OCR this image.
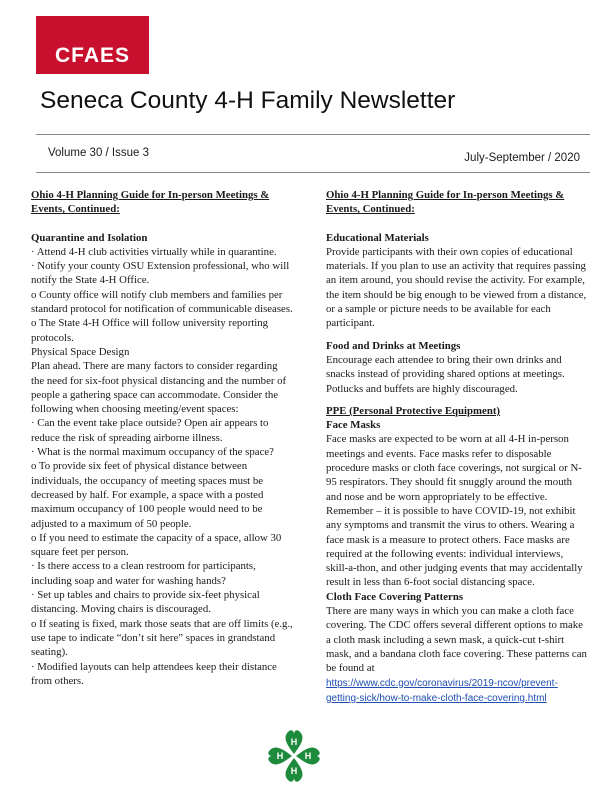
CFAES
Seneca County 4-H Family Newsletter
Volume 30 / Issue 3	July-September / 2020

Ohio 4-H Planning Guide for In-person Meetings & Events, Continued:

Quarantine and Isolation

· Attend 4-H club activities virtually while in quarantine.

· Notify your county OSU Extension professional, who will notify the State 4-H Office.

o County office will notify club members and families per standard protocol for notification of communicable diseases.

o The State 4-H Office will follow university reporting protocols.

Physical Space Design

Plan ahead. There are many factors to consider regarding the need for six-foot physical distancing and the number of people a gathering space can accommodate. Consider the following when choosing meeting/event spaces:

· Can the event take place outside? Open air appears to reduce the risk of spreading airborne illness.

· What is the normal maximum occupancy of the space?

o To provide six feet of physical distance between individuals, the occupancy of meeting spaces must be decreased by half. For example, a space with a posted maximum occupancy of 100 people would need to be adjusted to a maximum of 50 people.

o If you need to estimate the capacity of a space, allow 30 square feet per person.

· Is there access to a clean restroom for participants, including soap and water for washing hands?

· Set up tables and chairs to provide six-feet physical distancing. Moving chairs is discouraged.

o If seating is fixed, mark those seats that are off limits (e.g., use tape to indicate “don’t sit here” spaces in grandstand seating).

· Modified layouts can help attendees keep their distance from others.

Ohio 4-H Planning Guide for In-person Meetings & Events, Continued:

Educational Materials

Provide participants with their own copies of educational materials. If you plan to use an activity that requires passing an item around, you should revise the activity. For example, the item should be big enough to be viewed from a distance, or a sample or picture needs to be available for each participant.

Food and Drinks at Meetings

Encourage each attendee to bring their own drinks and snacks instead of providing shared options at meetings. Potlucks and buffets are highly discouraged.

PPE (Personal Protective Equipment)

Face Masks

Face masks are expected to be worn at all 4-H in-person meetings and events. Face masks refer to disposable procedure masks or cloth face coverings, not surgical or N-95 respirators. They should fit snuggly around the mouth and nose and be worn appropriately to be effective.

Remember – it is possible to have COVID-19, not exhibit any symptoms and transmit the virus to others. Wearing a face mask is a measure to protect others. Face masks are required at the following events: individual interviews, skill-a-thon, and other judging events that may accidentally result in less than 6-foot social distancing space.

Cloth Face Covering Patterns

There are many ways in which you can make a cloth face covering. The CDC offers several different options to make a cloth mask including a sewn mask, a quick-cut t-shirt mask, and a bandana cloth face covering. These patterns can be found at

https://www.cdc.gov/coronavirus/2019-ncov/prevent-getting-sick/how-to-make-cloth-face-covering.html
H
H
H H
